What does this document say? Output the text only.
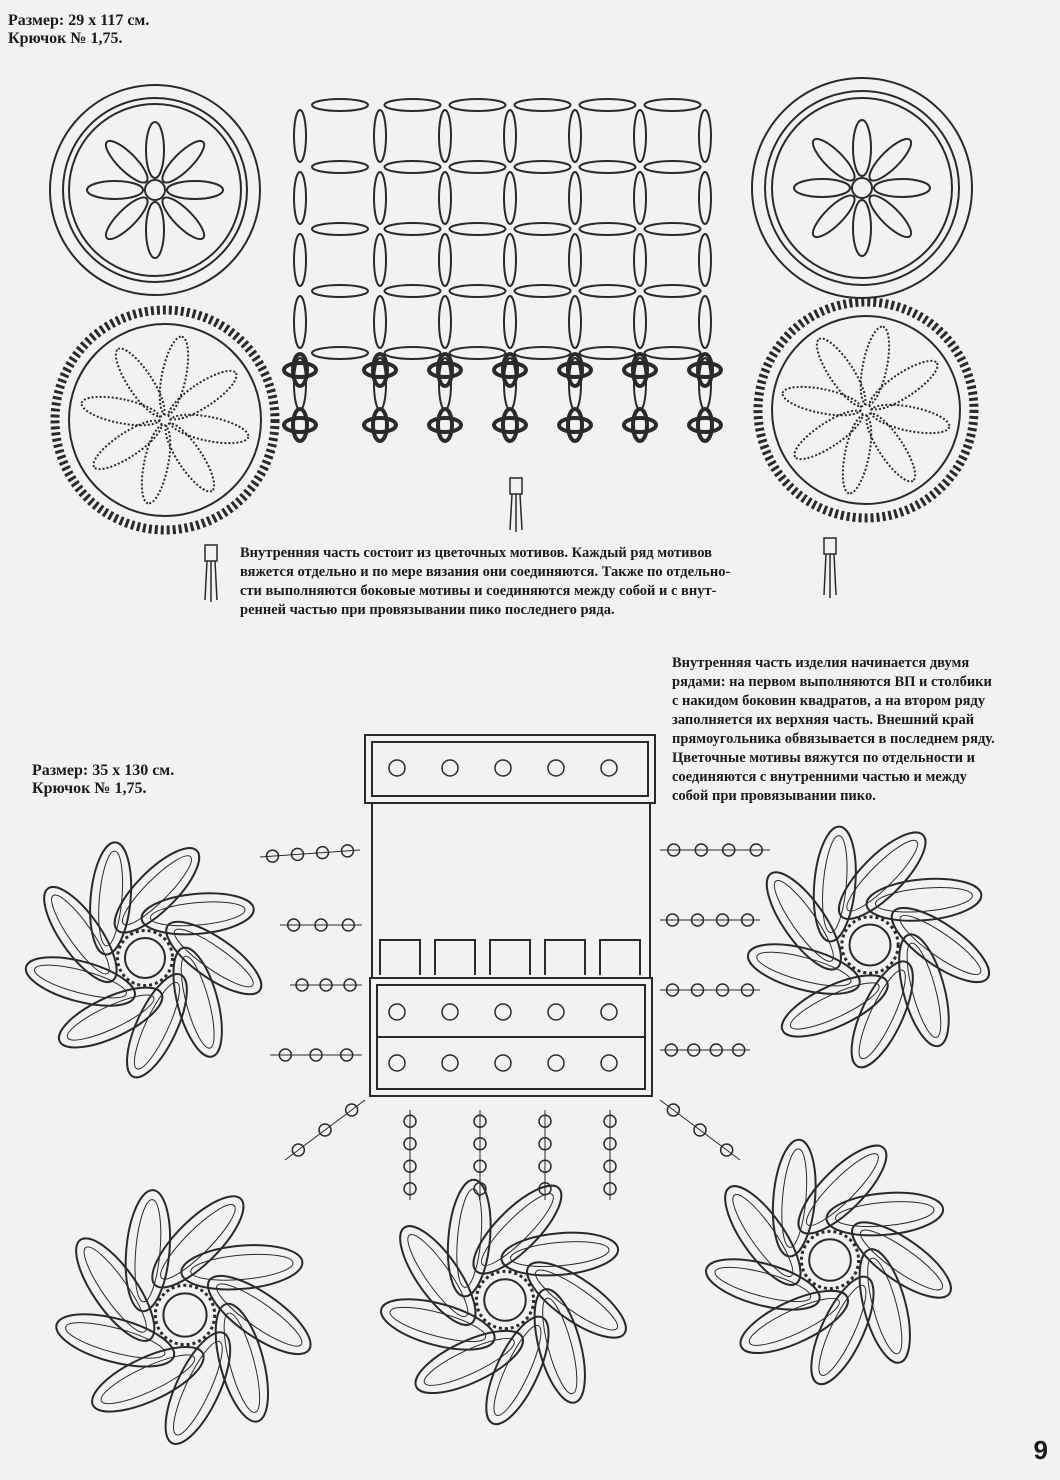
Размер: 29 x 117 см.
Крючок № 1,75.
Внутренняя часть состоит из цветочных мотивов. Каждый ряд мотивов
вяжется отдельно и по мере вязания они соединяются. Также по отдельно-
сти выполняются боковые мотивы и соединяются между собой и с внут-
ренней частью при провязывании пико последнего ряда.
Внутренняя часть изделия начинается двумя
рядами: на первом выполняются ВП и столбики
с накидом боковин квадратов, а на втором ряду
заполняется их верхняя часть. Внешний край
прямоугольника обвязывается в последнем ряду.
Цветочные мотивы вяжутся по отдельности и
соединяются с внутренними частью и между
собой при провязывании пико.
Размер: 35 x 130 см.
Крючок № 1,75.
9
